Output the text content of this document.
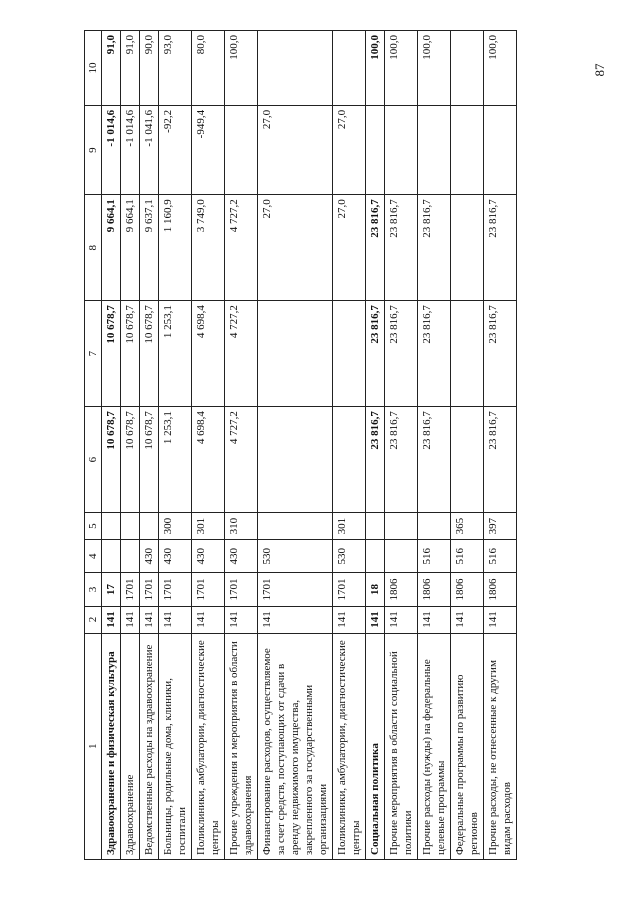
87
1	2	3	4	5	6	7	8	9	10
Здравоохранение и физическая культура	141	17			10 678,7	10 678,7	9 664,1	-1 014,6	91,0
Здравоохранение	141	1701			10 678,7	10 678,7	9 664,1	-1 014,6	91,0
Ведомственные расходы на здравоохранение	141	1701	430		10 678,7	10 678,7	9 637,1	-1 041,6	90,0
Больницы, родильные дома, клиники, госпитали	141	1701	430	300	1 253,1	1 253,1	1 160,9	-92,2	93,0
Поликлиники, амбулатории, диагностические центры	141	1701	430	301	4 698,4	4 698,4	3 749,0	-949,4	80,0
Прочие учреждения и мероприятия в области здравоохранения	141	1701	430	310	4 727,2	4 727,2	4 727,2		100,0
Финансирование расходов, осуществляемое за счет средств, поступающих от сдачи в аренду недвижимого имущества, закрепленного за государственными организациями	141	1701	530				27,0	27,0	
Поликлиники, амбулатории, диагностические центры	141	1701	530	301			27,0	27,0	
Социальная политика	141	18			23 816,7	23 816,7	23 816,7		100,0
Прочие мероприятия в области социальной политики	141	1806			23 816,7	23 816,7	23 816,7		100,0
Прочие расходы (нужды) на федеральные целевые программы	141	1806	516		23 816,7	23 816,7	23 816,7		100,0
Федеральные программы по развитию регионов	141	1806	516	365					
Прочие расходы, не отнесенные к другим видам расходов	141	1806	516	397	23 816,7	23 816,7	23 816,7		100,0
